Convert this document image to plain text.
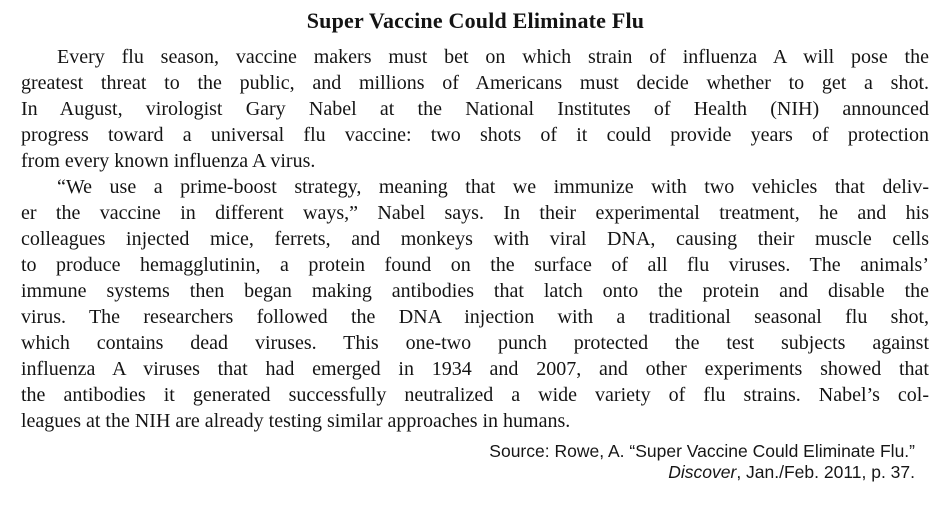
Super Vaccine Could Eliminate Flu
Every flu season, vaccine makers must bet on which strain of influenza A will pose the
greatest threat to the public, and millions of Americans must decide whether to get a shot.
In August, virologist Gary Nabel at the National Institutes of Health (NIH) announced
progress toward a universal flu vaccine: two shots of it could provide years of protection
from every known influenza A virus.
“We use a prime-boost strategy, meaning that we immunize with two vehicles that deliv-
er the vaccine in different ways,” Nabel says. In their experimental treatment, he and his
colleagues injected mice, ferrets, and monkeys with viral DNA, causing their muscle cells
to produce hemagglutinin, a protein found on the surface of all flu viruses. The animals’
immune systems then began making antibodies that latch onto the protein and disable the
virus. The researchers followed the DNA injection with a traditional seasonal flu shot,
which contains dead viruses. This one-two punch protected the test subjects against
influenza A viruses that had emerged in 1934 and 2007, and other experiments showed that
the antibodies it generated successfully neutralized a wide variety of flu strains. Nabel’s col-
leagues at the NIH are already testing similar approaches in humans.
Source: Rowe, A. “Super Vaccine Could Eliminate Flu.”
Discover, Jan./Feb. 2011, p. 37.
